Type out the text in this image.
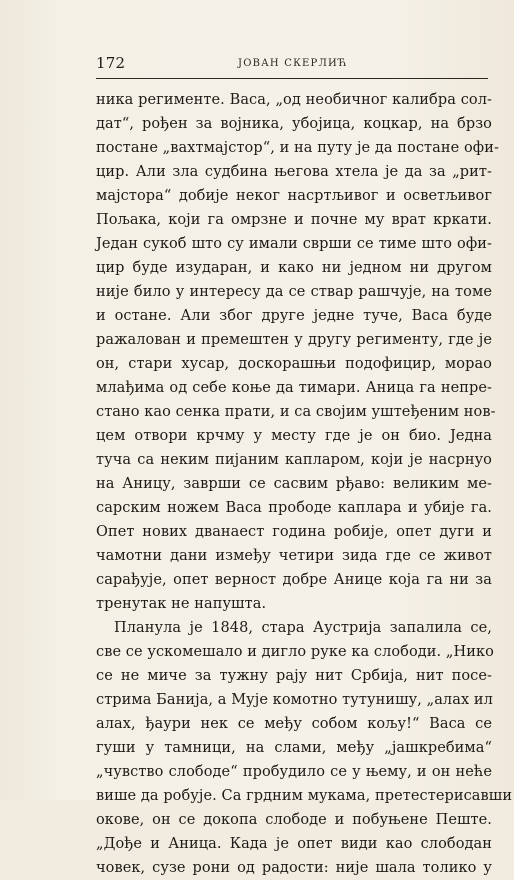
172	ЈОВАН СКЕРЛИЋ
ника регименте. Васа, „од необичног калибра сол-
дат“, рођен за војника, убојица, коцкар, на брзо
постане „вахтмајстор“, и на путу је да постане офи-
цир. Али зла судбина његова хтела је да за „рит-
мајстора“ добије неког насртљивог и осветљивог
Пољака, који га омрзне и почне му врат кркати.
Један сукоб што су имали сврши се тиме што офи-
цир буде изударан, и како ни једном ни другом
није било у интересу да се ствар рашчује, на томе
и остане. Али због друге једне туче, Васа буде
ражалован и премештен у другу регименту, где је
он, стари хусар, доскорашњи подофицир, морао
млађима од себе коње да тимари. Аница га непре-
стано као сенка прати, и са својим уштеђеним нов-
цем отвори крчму у месту где је он био. Једна
туча са неким пијаним каплаpом, који је насрнуо
на Аницу, заврши се сасвим рђаво: великим ме-
сарским ножем Васа прободе каплара и убије га.
Опет нових дванаест година робије, опет дуги и
чамотни дани између четири зида где се живот
сарађује, опет верност добре Анице која га ни за
тренутак не напушта.
Планула је 1848, стара Аустрија запалила се,
све се ускомешало и дигло руке ка слободи. „Нико
се не миче за тужну рају нит Србија, нит посе-
стрима Банија, а Мује комотно тутунишу, „алах ил
алах, ђаури нек се међу собом кољу!“ Васа се
гуши у тамници, на слами, међу „јашкребима“
„чувство слободе“ пробудило се у њему, и он неће
више да робује. Са грдним мукама, претестерисавши
окове, он се докопа слободе и побуњене Пеште.
„Дође и Аница. Када је опет види као слободан
човек, сузе рони од радости: није шала толико у
